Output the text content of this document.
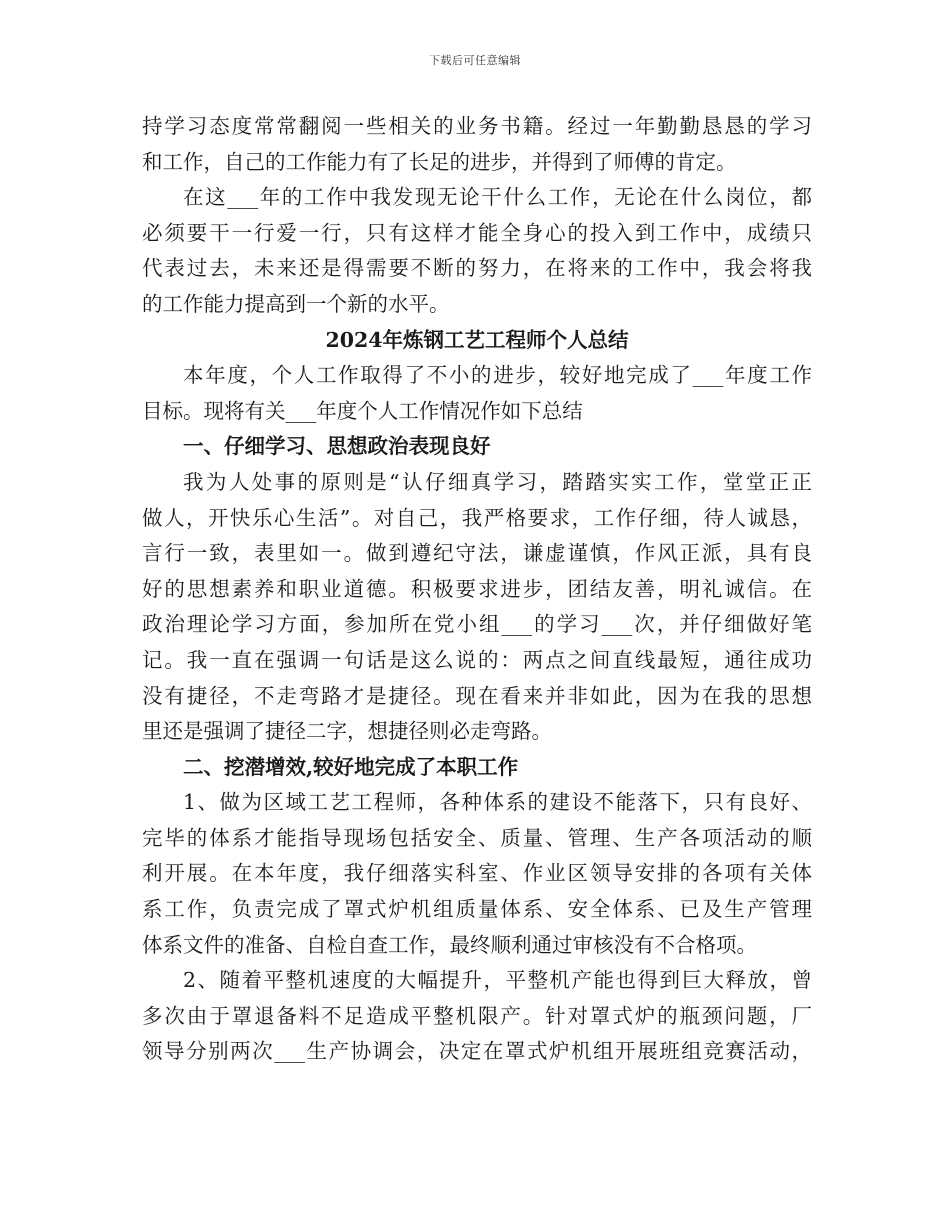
下载后可任意编辑
持学习态度常常翻阅一些相关的业务书籍。经过一年勤勤恳恳的学习
和工作，自己的工作能力有了长足的进步，并得到了师傅的肯定。
在这___年的工作中我发现无论干什么工作，无论在什么岗位，都
必须要干一行爱一行，只有这样才能全身心的投入到工作中，成绩只
代表过去，未来还是得需要不断的努力，在将来的工作中，我会将我
的工作能力提高到一个新的水平。
2024年炼钢工艺工程师个人总结
本年度，个人工作取得了不小的进步，较好地完成了___年度工作
目标。现将有关___年度个人工作情况作如下总结
一、仔细学习、思想政治表现良好
我为人处事的原则是“认仔细真学习，踏踏实实工作，堂堂正正
做人，开快乐心生活”。对自己，我严格要求，工作仔细，待人诚恳，
言行一致，表里如一。做到遵纪守法，谦虚谨慎，作风正派，具有良
好的思想素养和职业道德。积极要求进步，团结友善，明礼诚信。在
政治理论学习方面，参加所在党小组___的学习___次，并仔细做好笔
记。我一直在强调一句话是这么说的：两点之间直线最短，通往成功
没有捷径，不走弯路才是捷径。现在看来并非如此，因为在我的思想
里还是强调了捷径二字，想捷径则必走弯路。
二、挖潜增效,较好地完成了本职工作
1、做为区域工艺工程师，各种体系的建设不能落下，只有良好、
完毕的体系才能指导现场包括安全、质量、管理、生产各项活动的顺
利开展。在本年度，我仔细落实科室、作业区领导安排的各项有关体
系工作，负责完成了罩式炉机组质量体系、安全体系、已及生产管理
体系文件的准备、自检自查工作，最终顺利通过审核没有不合格项。
2、随着平整机速度的大幅提升，平整机产能也得到巨大释放，曾
多次由于罩退备料不足造成平整机限产。针对罩式炉的瓶颈问题，厂
领导分别两次___生产协调会，决定在罩式炉机组开展班组竞赛活动，
